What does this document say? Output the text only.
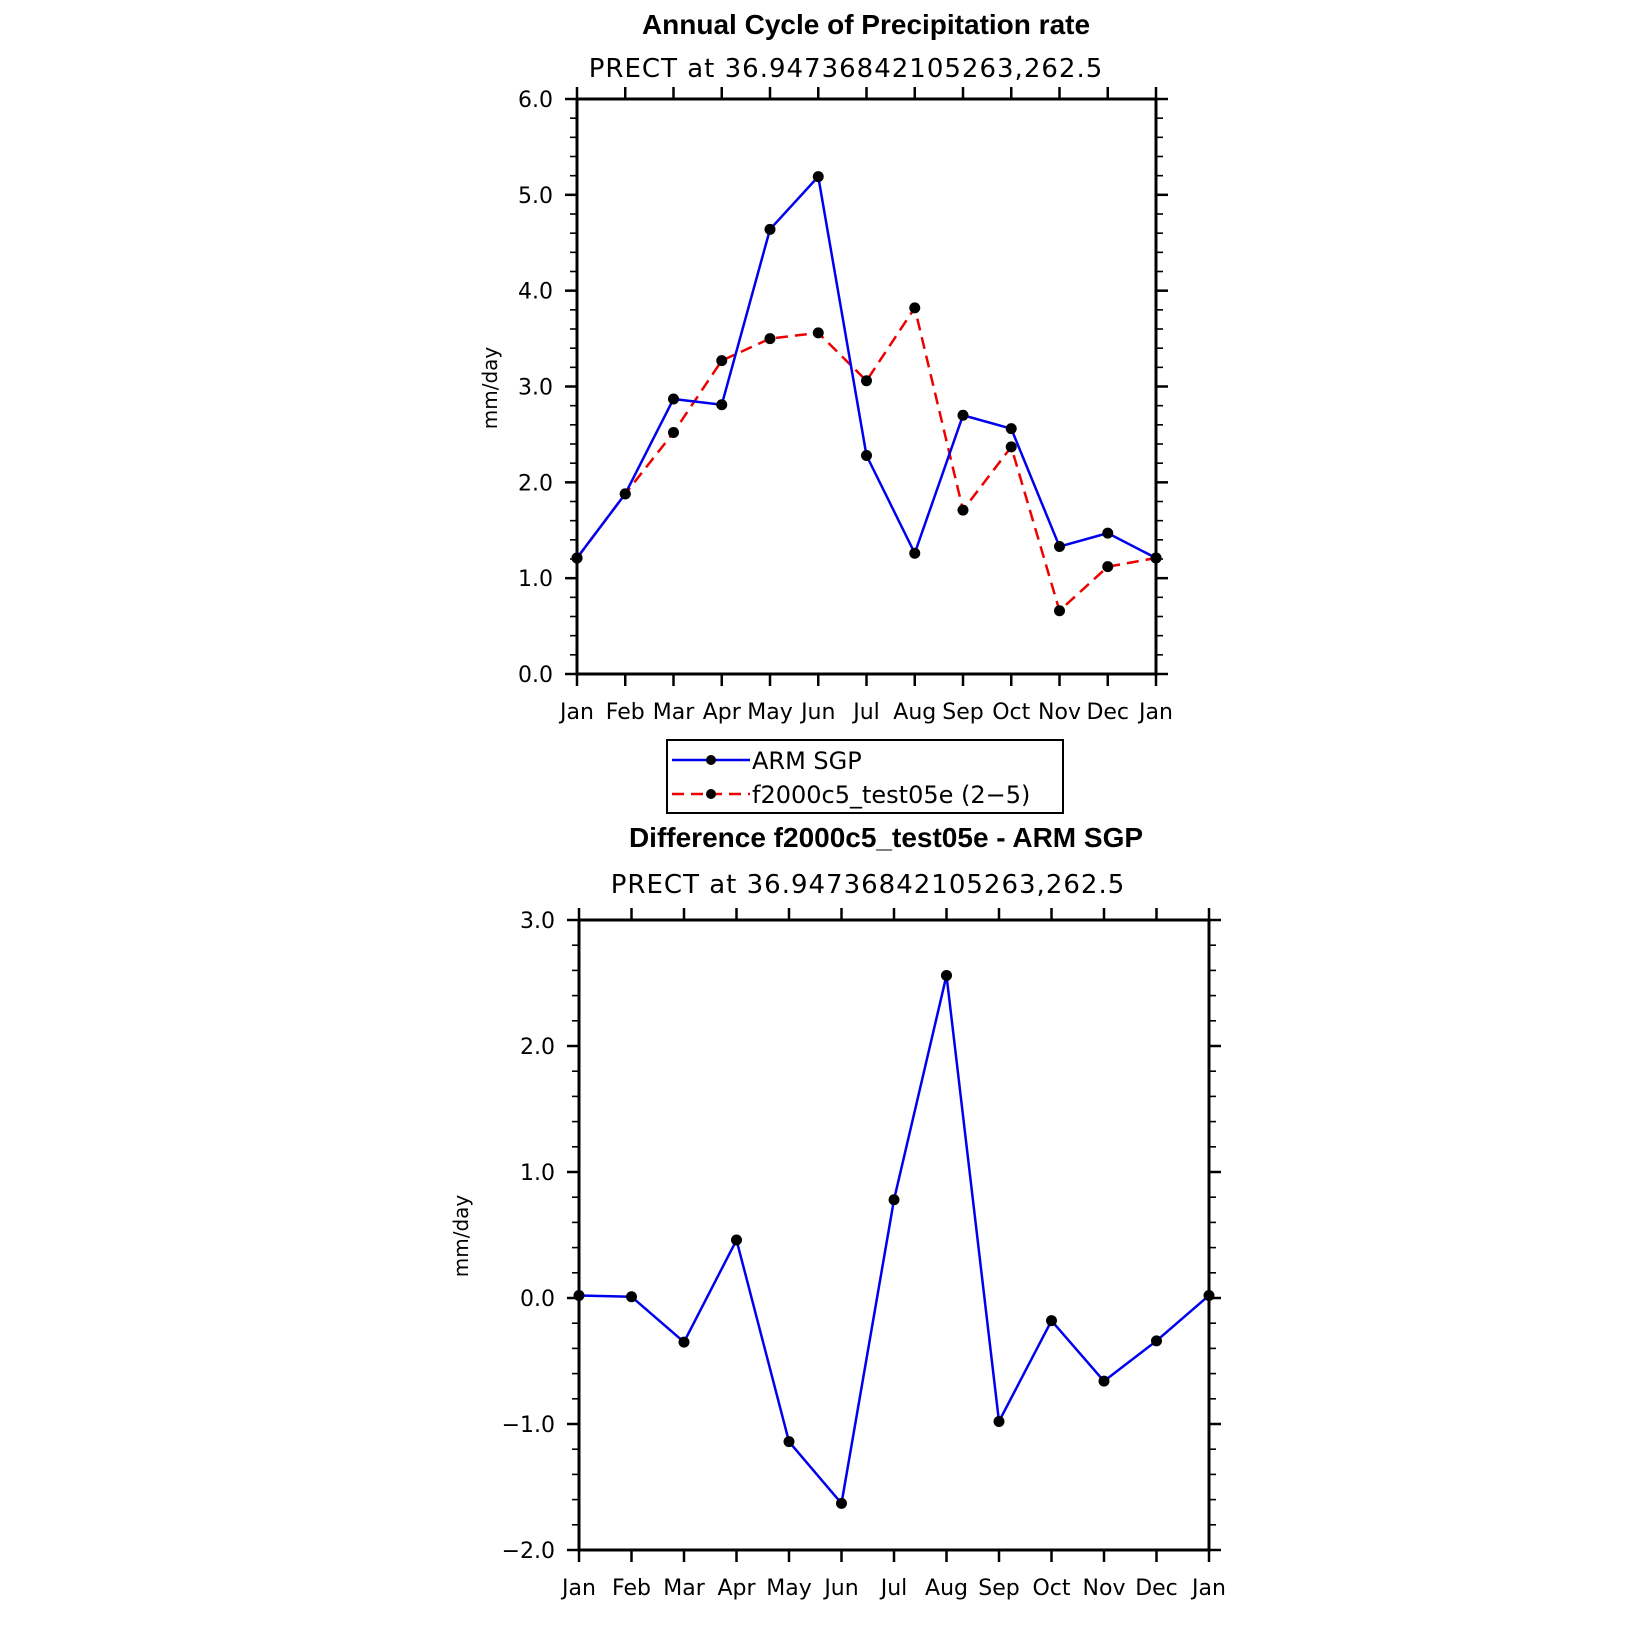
Annual Cycle of Precipitation rate
PRECT at 36.94736842105263,262.5
Jan Feb Mar Apr May Jun Jul Aug Sep Oct Nov Dec Jan
0.0
1.0
2.0
3.0
4.0
5.0
6.0
mm/day
ARM SGP
f2000c5_test05e (2−5)
Difference f2000c5_test05e - ARM SGP
PRECT at 36.94736842105263,262.5
Jan Feb Mar Apr May Jun Jul Aug Sep Oct Nov Dec Jan
−2.0
−1.0
0.0
1.0
2.0
3.0
mm/day
